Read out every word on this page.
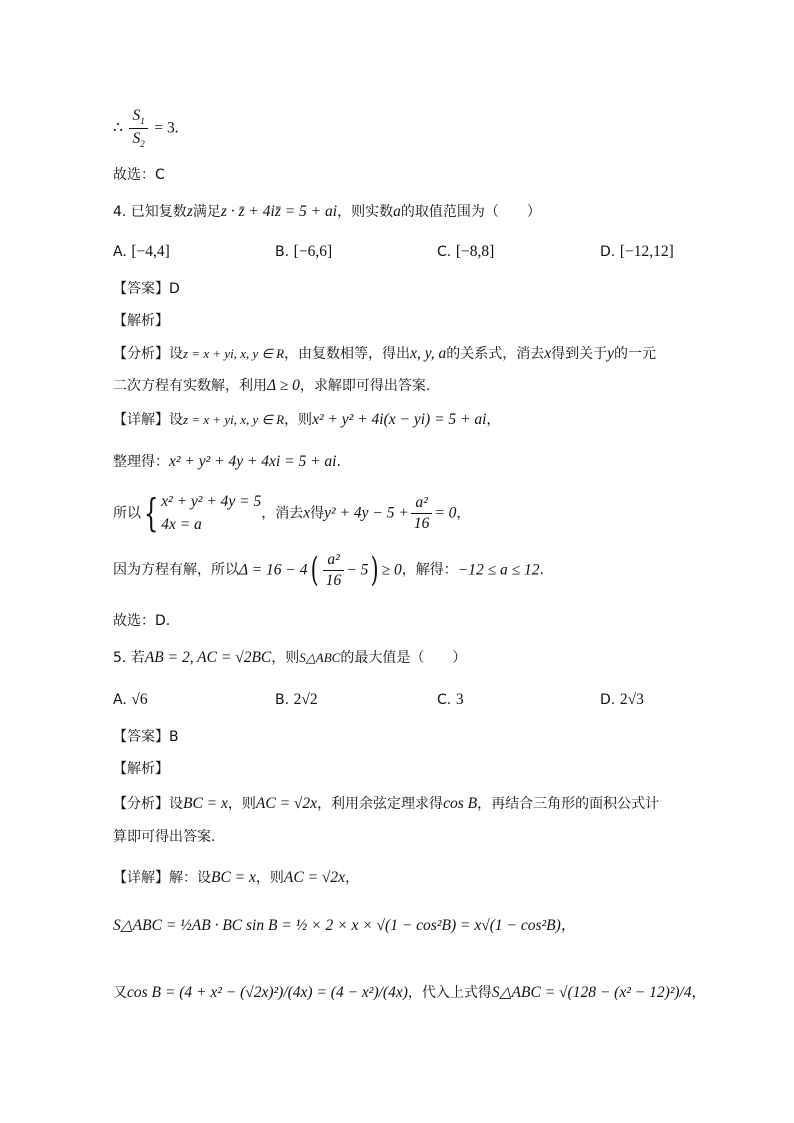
∴ $\frac{S_1}{S_2} = 3$.
故选：C
4. 已知复数z满足z · z̄ + 4iz̄ = 5 + ai，则实数a的取值范围为（　　）
A. [−4,4]	B. [−6,6]	C. [−8,8]	D. [−12,12]
【答案】D
【解析】
【分析】设z = x + yi, x, y ∈ R，由复数相等，得出x, y, a的关系式，消去x得到关于y的一元
二次方程有实数解，利用Δ ≥ 0，求解即可得出答案.
【详解】设z = x + yi, x, y ∈ R，则x² + y² + 4i(x − yi) = 5 + ai，
整理得：x² + y² + 4y + 4xi = 5 + ai.
所以{ x² + y² + 4y = 5
4x = a
，消去x得$y^2 + 4y - 5 + \frac{\text{a²}}{16} = 0$，
因为方程有解，所以$\Delta = 16 - 4( \frac{\text{a²}}{16} - 5) \ge 0$，解得：−12 ≤ a ≤ 12.
故选：D.
5. 若AB = 2, AC = √2BC，则S△ABC的最大值是（　　）
A. √6	B. 2√2	C. 3	D. 2√3
【答案】B
【解析】
【分析】设BC = x，则AC = √2x，利用余弦定理求得cos B，再结合三角形的面积公式计
算即可得出答案.
【详解】解：设BC = x，则AC = √2x，
S△ABC = ½AB · BC sin B = ½ × 2 × x × √(1 − cos²B) = x√(1 − cos²B)，
又cos B = (4 + x² − (√2x)²)/(4x) = (4 − x²)/(4x)，代入上式得S△ABC = √(128 − (x² − 12)²)/4，
